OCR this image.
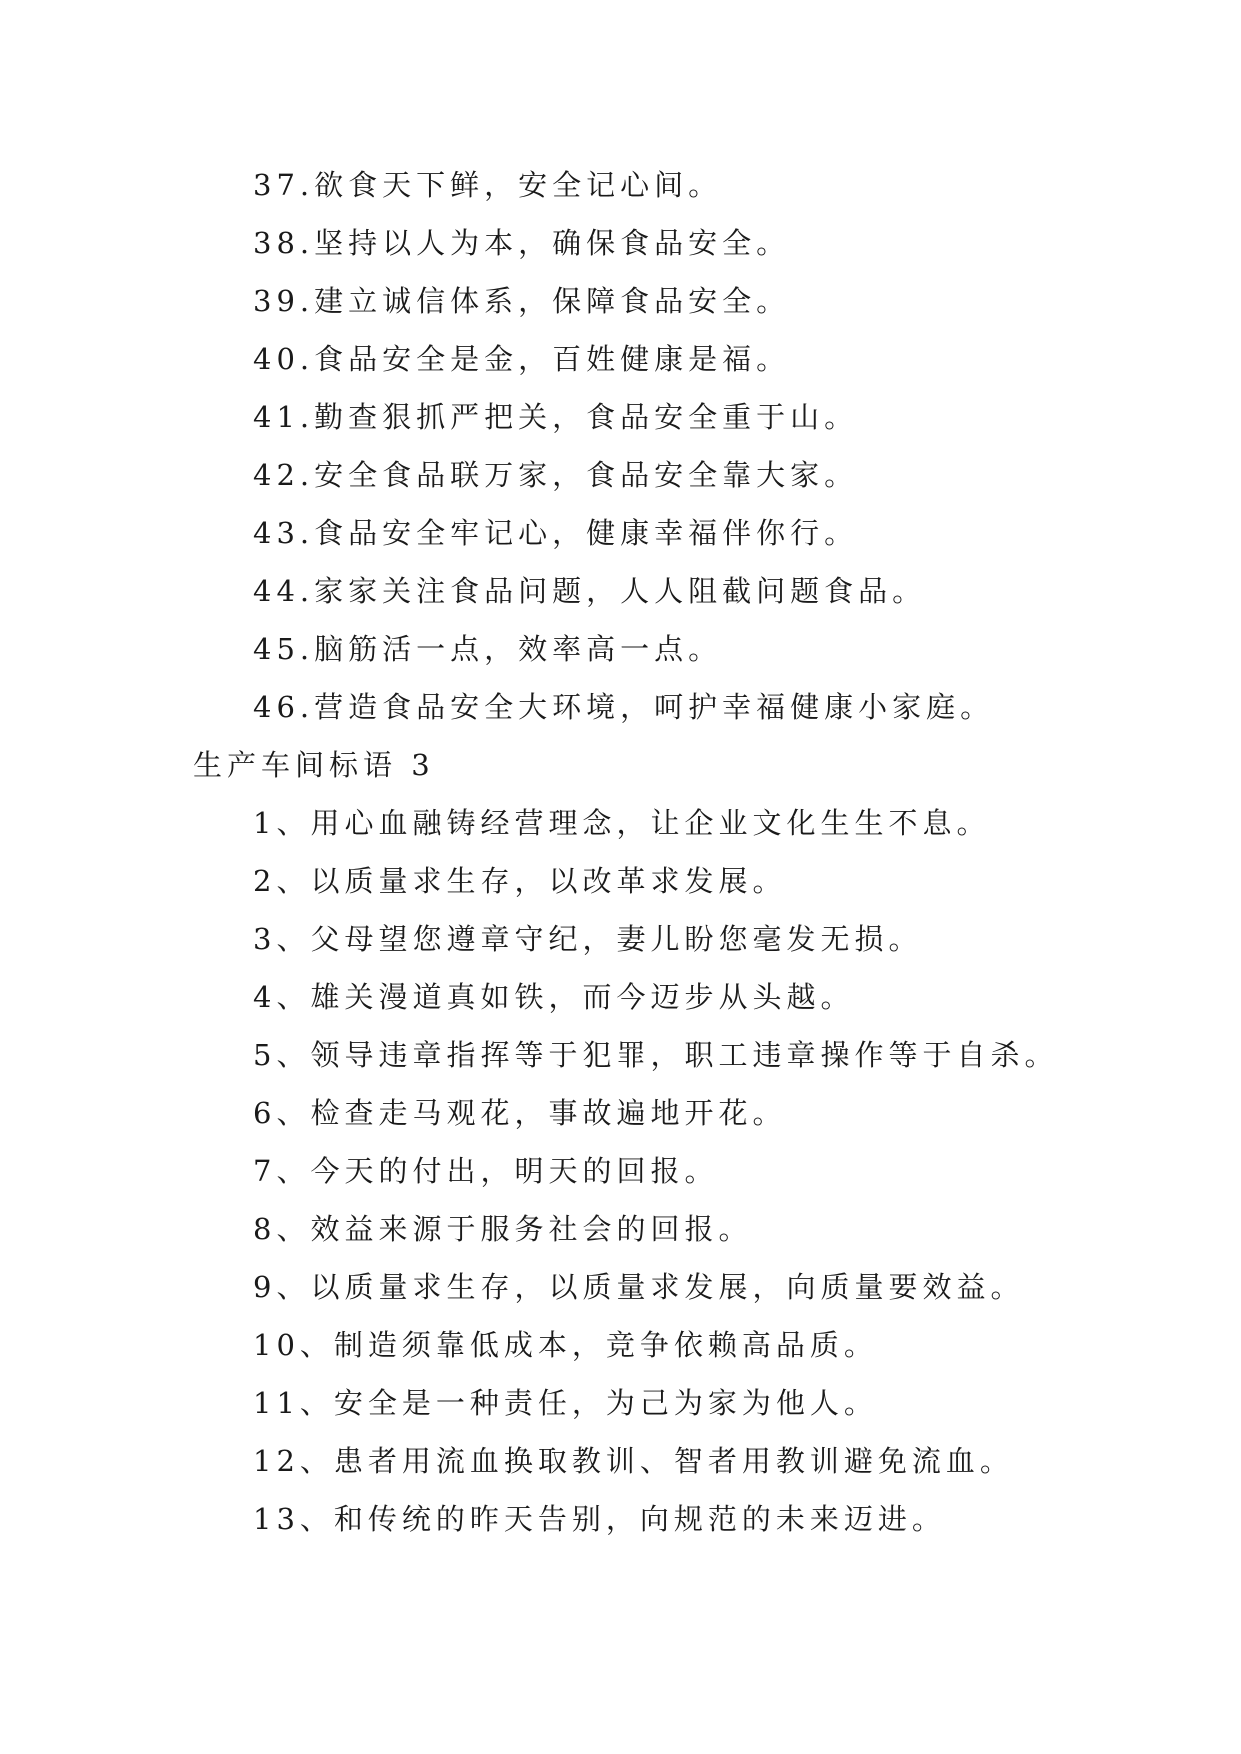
37.欲食天下鲜，安全记心间。
38.坚持以人为本，确保食品安全。
39.建立诚信体系，保障食品安全。
40.食品安全是金，百姓健康是福。
41.勤查狠抓严把关，食品安全重于山。
42.安全食品联万家，食品安全靠大家。
43.食品安全牢记心，健康幸福伴你行。
44.家家关注食品问题，人人阻截问题食品。
45.脑筋活一点，效率高一点。
46.营造食品安全大环境，呵护幸福健康小家庭。
生产车间标语 3
1、用心血融铸经营理念，让企业文化生生不息。
2、以质量求生存，以改革求发展。
3、父母望您遵章守纪，妻儿盼您毫发无损。
4、雄关漫道真如铁，而今迈步从头越。
5、领导违章指挥等于犯罪，职工违章操作等于自杀。
6、检查走马观花，事故遍地开花。
7、今天的付出，明天的回报。
8、效益来源于服务社会的回报。
9、以质量求生存，以质量求发展，向质量要效益。
10、制造须靠低成本，竞争依赖高品质。
11、安全是一种责任，为己为家为他人。
12、患者用流血换取教训、智者用教训避免流血。
13、和传统的昨天告别，向规范的未来迈进。
